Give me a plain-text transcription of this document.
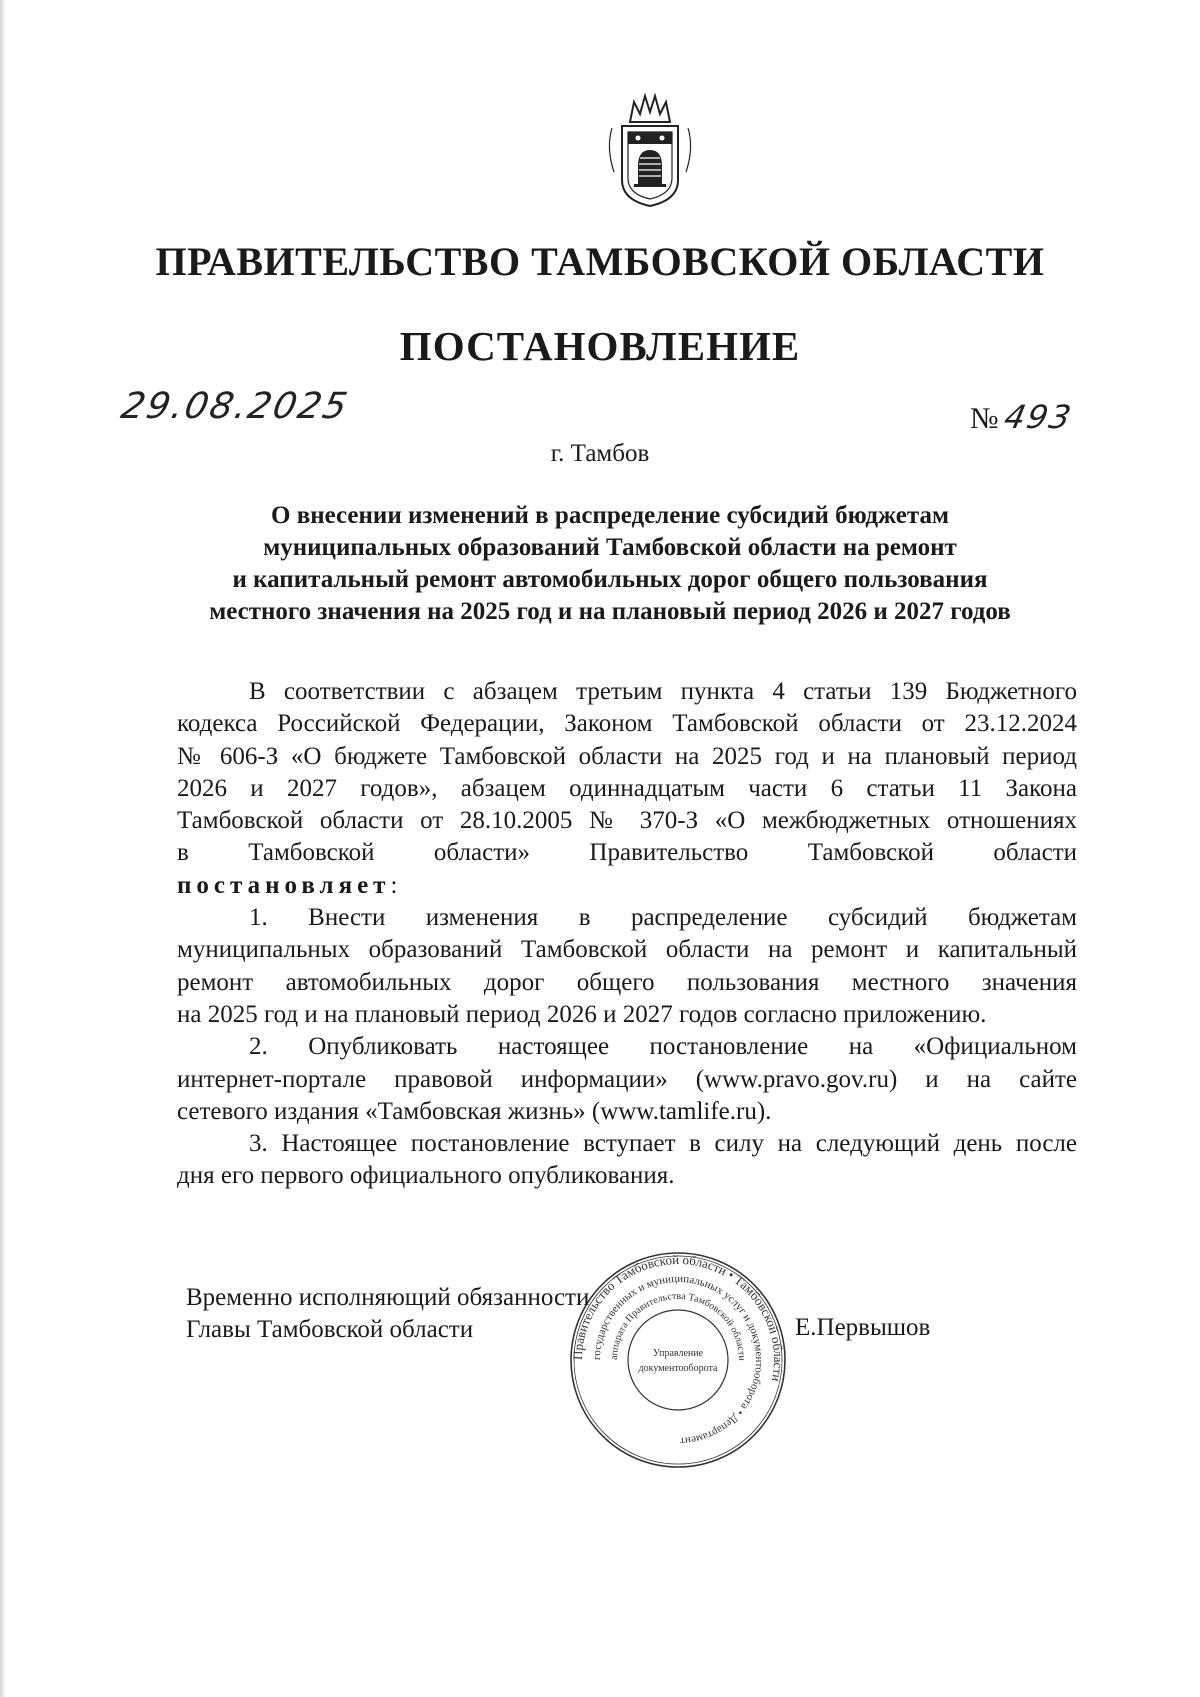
ПРАВИТЕЛЬСТВО ТАМБОВСКОЙ ОБЛАСТИ
ПОСТАНОВЛЕНИЕ
29.08.2025	№493
г. Тамбов
О внесении изменений в распределение субсидий бюджетам
муниципальных образований Тамбовской области на ремонт
и капитальный ремонт автомобильных дорог общего пользования
местного значения на 2025 год и на плановый период 2026 и 2027 годов
В соответствии с абзацем третьим пункта 4 статьи 139 Бюджетного
кодекса Российской Федерации, Законом Тамбовской области от 23.12.2024
№ 606-З «О бюджете Тамбовской области на 2025 год и на плановый период
2026 и 2027 годов», абзацем одиннадцатым части 6 статьи 11 Закона
Тамбовской области от 28.10.2005 № 370-З «О межбюджетных отношениях
в Тамбовской области» Правительство Тамбовской области
постановляет:
1. Внести изменения в распределение субсидий бюджетам
муниципальных образований Тамбовской области на ремонт и капитальный
ремонт автомобильных дорог общего пользования местного значения
на 2025 год и на плановый период 2026 и 2027 годов согласно приложению.
2. Опубликовать настоящее постановление на «Официальном
интернет-портале правовой информации» (www.pravo.gov.ru) и на сайте
сетевого издания «Тамбовская жизнь» (www.tamlife.ru).
3. Настоящее постановление вступает в силу на следующий день после
дня его первого официального опубликования.
Временно исполняющий обязанности
Главы Тамбовской области	Е.Первышов
Правительство Тамбовской области • Тамбовской области
государственных и муниципальных услуг и документооборота • Департамент
аппарата Правительства Тамбовской области
Управление
документооборота
